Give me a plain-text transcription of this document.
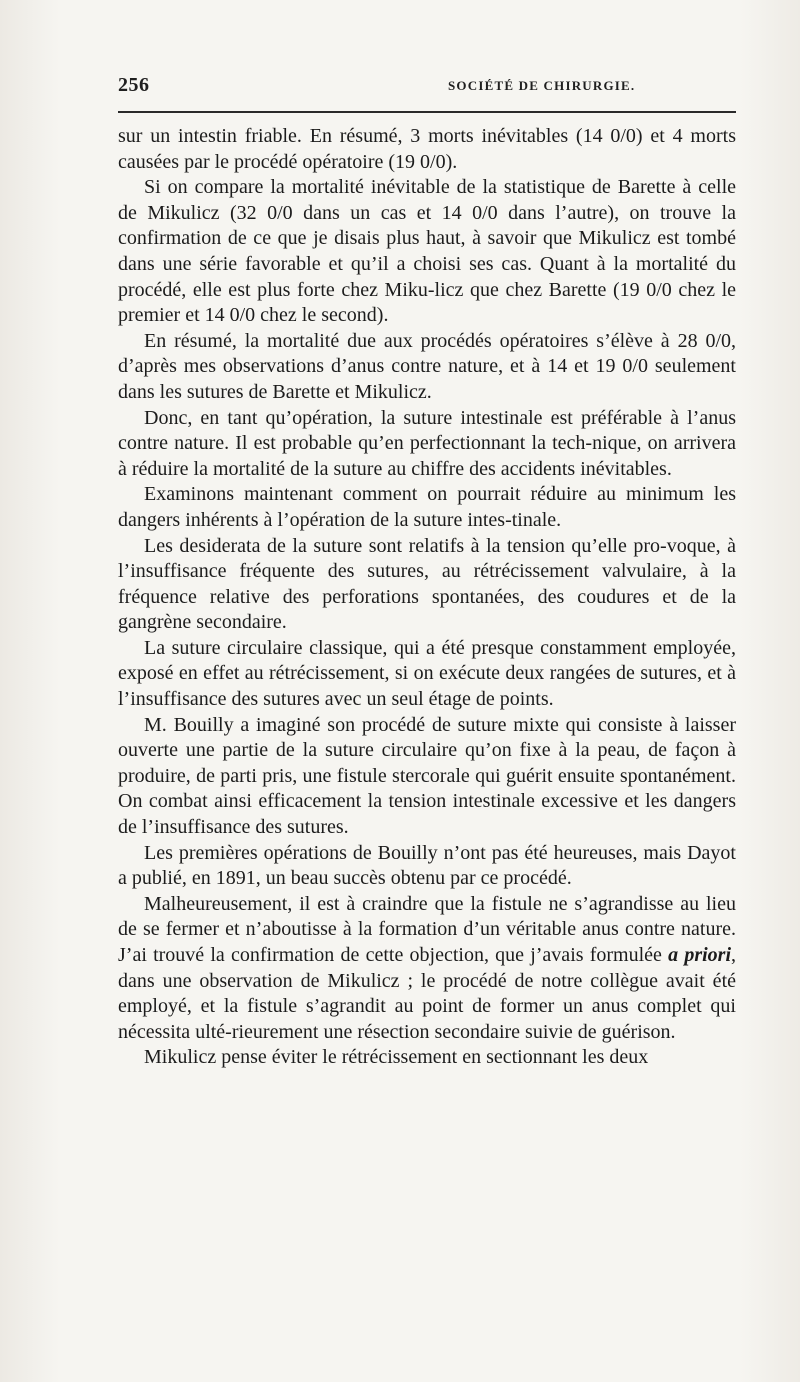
256	SOCIÉTÉ DE CHIRURGIE.

sur un intestin friable. En résumé, 3 morts inévitables (14 0/0) et 4 morts causées par le procédé opératoire (19 0/0).

Si on compare la mortalité inévitable de la statistique de Barette à celle de Mikulicz (32 0/0 dans un cas et 14 0/0 dans l’autre), on trouve la confirmation de ce que je disais plus haut, à savoir que Mikulicz est tombé dans une série favorable et qu’il a choisi ses cas. Quant à la mortalité du procédé, elle est plus forte chez Miku-licz que chez Barette (19 0/0 chez le premier et 14 0/0 chez le second).

En résumé, la mortalité due aux procédés opératoires s’élève à 28 0/0, d’après mes observations d’anus contre nature, et à 14 et 19 0/0 seulement dans les sutures de Barette et Mikulicz.

Donc, en tant qu’opération, la suture intestinale est préférable à l’anus contre nature. Il est probable qu’en perfectionnant la tech-nique, on arrivera à réduire la mortalité de la suture au chiffre des accidents inévitables.

Examinons maintenant comment on pourrait réduire au minimum les dangers inhérents à l’opération de la suture intes-tinale.

Les desiderata de la suture sont relatifs à la tension qu’elle pro-voque, à l’insuffisance fréquente des sutures, au rétrécissement valvulaire, à la fréquence relative des perforations spontanées, des coudures et de la gangrène secondaire.

La suture circulaire classique, qui a été presque constamment employée, exposé en effet au rétrécissement, si on exécute deux rangées de sutures, et à l’insuffisance des sutures avec un seul étage de points.

M. Bouilly a imaginé son procédé de suture mixte qui consiste à laisser ouverte une partie de la suture circulaire qu’on fixe à la peau, de façon à produire, de parti pris, une fistule stercorale qui guérit ensuite spontanément. On combat ainsi efficacement la tension intestinale excessive et les dangers de l’insuffisance des sutures.

Les premières opérations de Bouilly n’ont pas été heureuses, mais Dayot a publié, en 1891, un beau succès obtenu par ce procédé.

Malheureusement, il est à craindre que la fistule ne s’agrandisse au lieu de se fermer et n’aboutisse à la formation d’un véritable anus contre nature. J’ai trouvé la confirmation de cette objection, que j’avais formulée a priori, dans une observation de Mikulicz ; le procédé de notre collègue avait été employé, et la fistule s’agrandit au point de former un anus complet qui nécessita ulté-rieurement une résection secondaire suivie de guérison.

Mikulicz pense éviter le rétrécissement en sectionnant les deux
